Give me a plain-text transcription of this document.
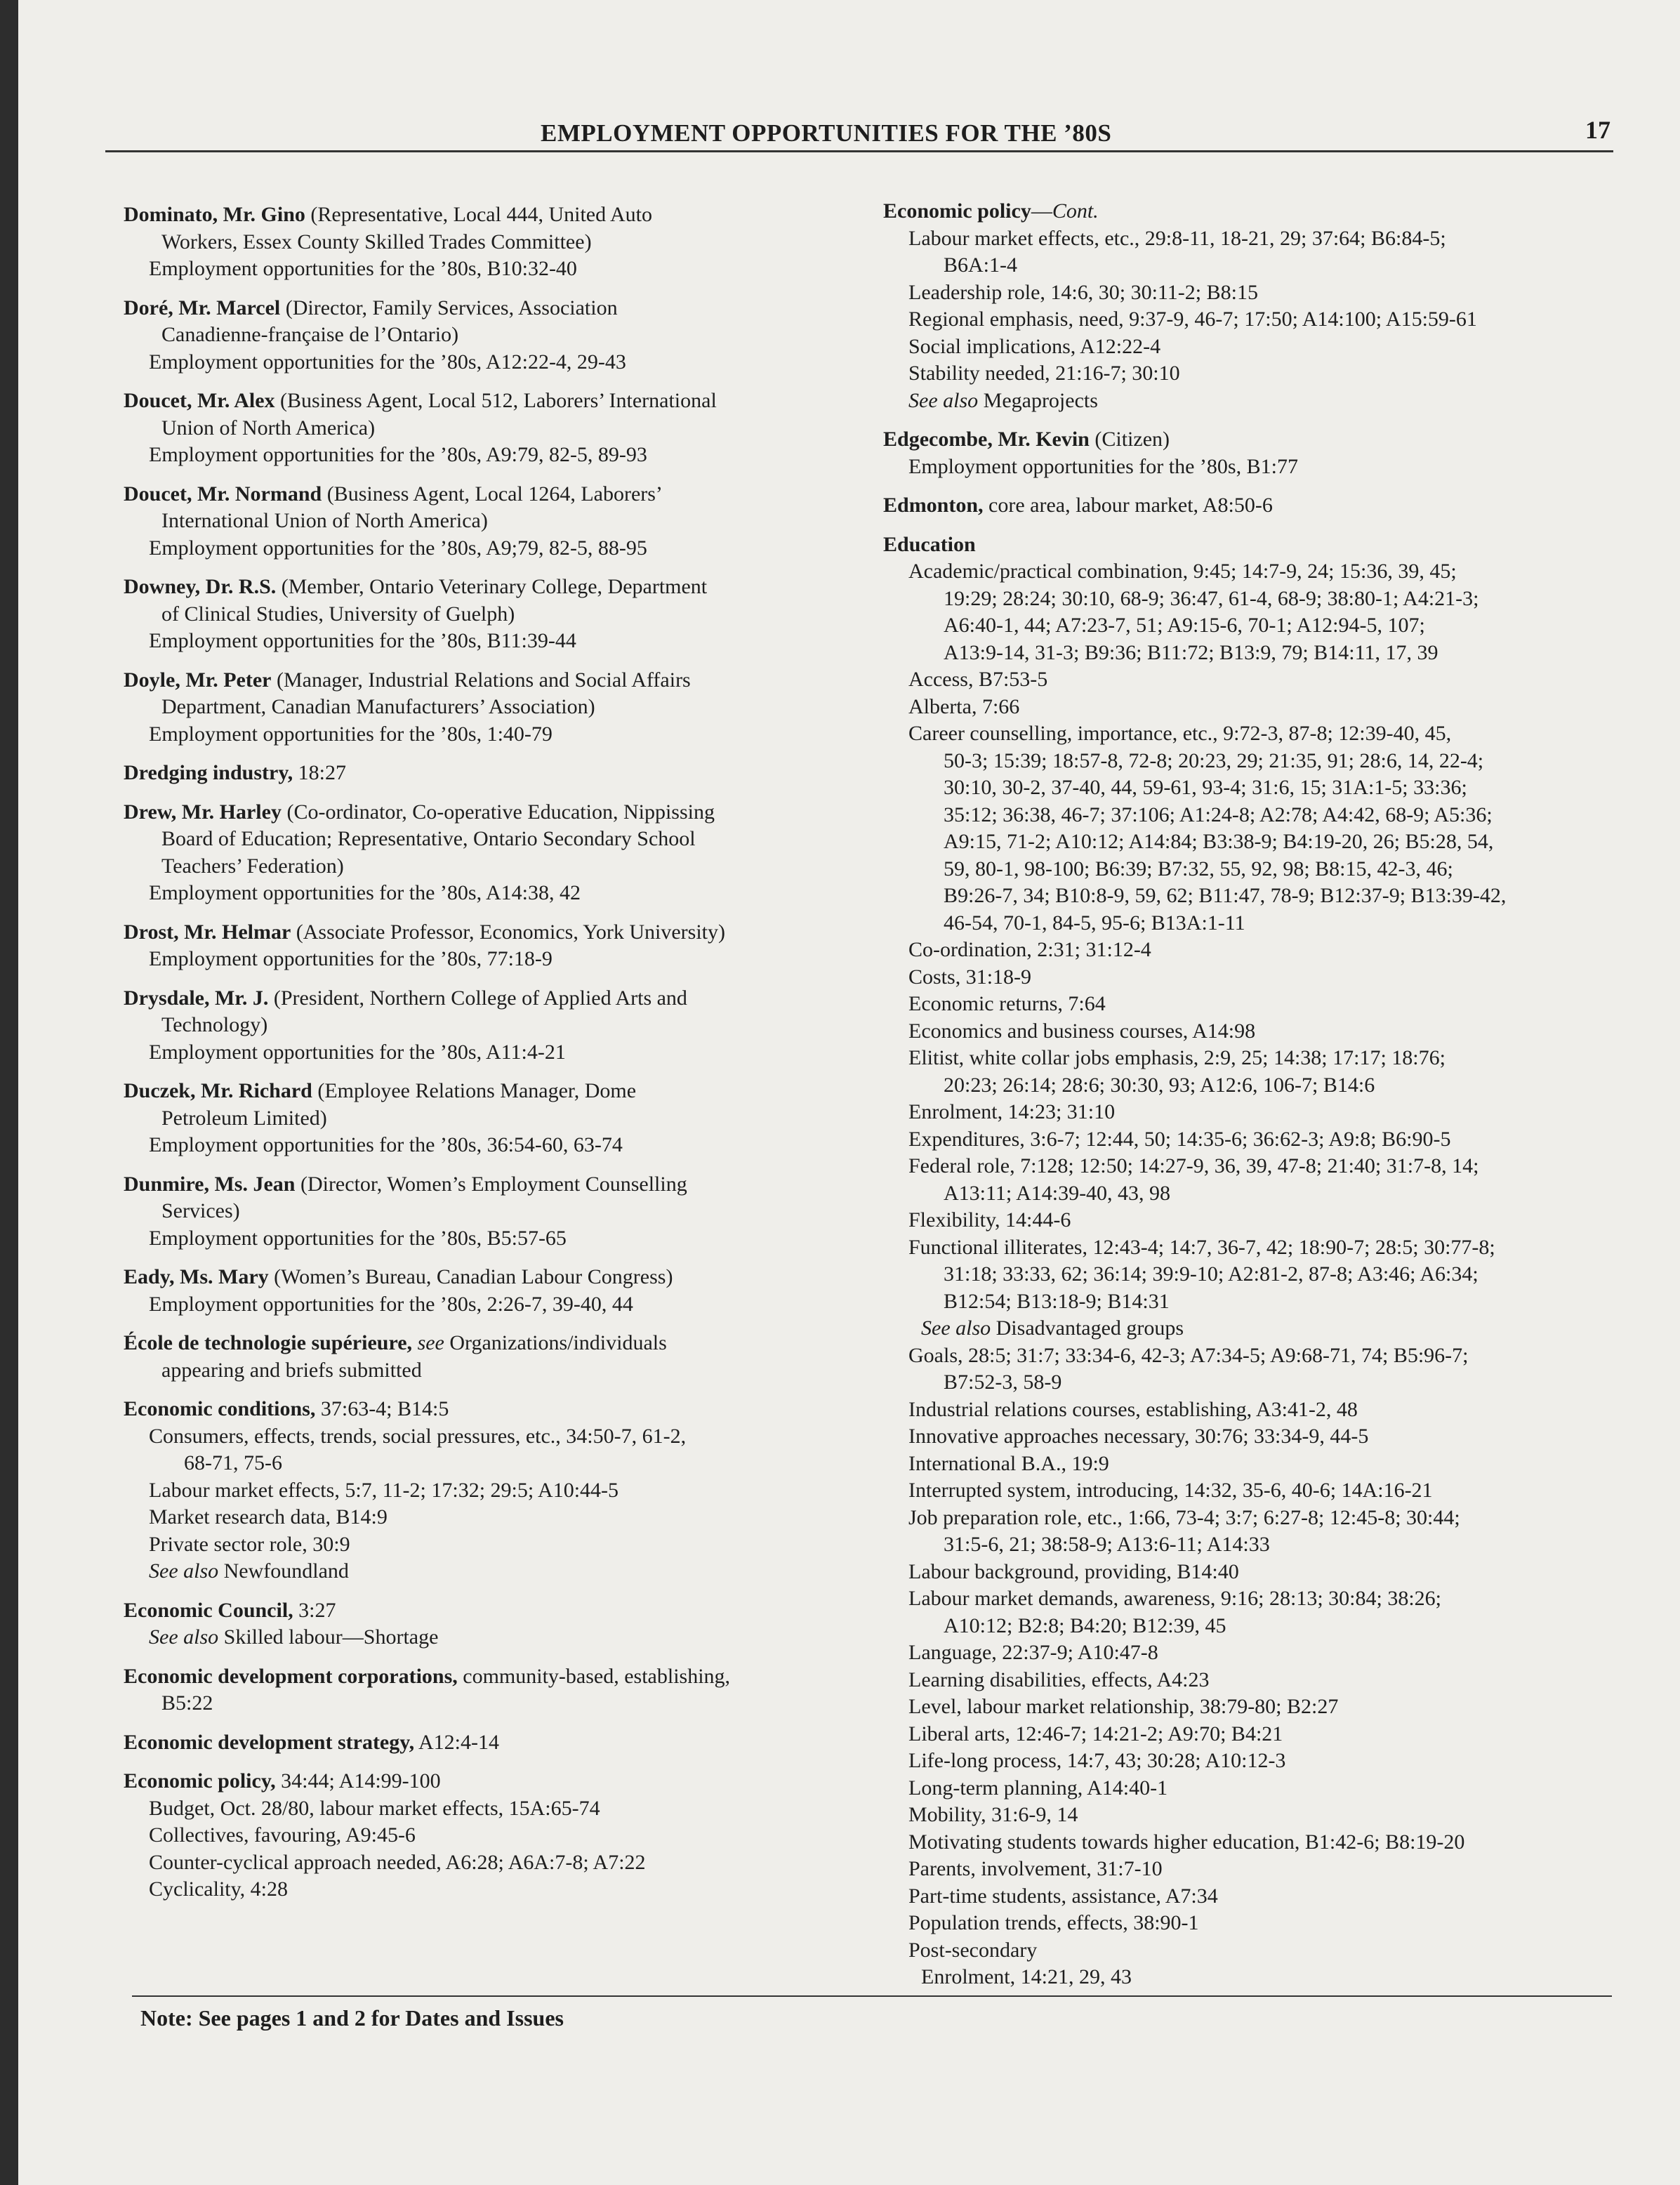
EMPLOYMENT OPPORTUNITIES FOR THE ’80S	17
Dominato, Mr. Gino (Representative, Local 444, United Auto
Workers, Essex County Skilled Trades Committee)
Employment opportunities for the ’80s, B10:32-40
Doré, Mr. Marcel (Director, Family Services, Association
Canadienne-française de l’Ontario)
Employment opportunities for the ’80s, A12:22-4, 29-43
Doucet, Mr. Alex (Business Agent, Local 512, Laborers’ International
Union of North America)
Employment opportunities for the ’80s, A9:79, 82-5, 89-93
Doucet, Mr. Normand (Business Agent, Local 1264, Laborers’
International Union of North America)
Employment opportunities for the ’80s, A9;79, 82-5, 88-95
Downey, Dr. R.S. (Member, Ontario Veterinary College, Department
of Clinical Studies, University of Guelph)
Employment opportunities for the ’80s, B11:39-44
Doyle, Mr. Peter (Manager, Industrial Relations and Social Affairs
Department, Canadian Manufacturers’ Association)
Employment opportunities for the ’80s, 1:40-79
Dredging industry, 18:27
Drew, Mr. Harley (Co-ordinator, Co-operative Education, Nippissing
Board of Education; Representative, Ontario Secondary School
Teachers’ Federation)
Employment opportunities for the ’80s, A14:38, 42
Drost, Mr. Helmar (Associate Professor, Economics, York University)
Employment opportunities for the ’80s, 77:18-9
Drysdale, Mr. J. (President, Northern College of Applied Arts and
Technology)
Employment opportunities for the ’80s, A11:4-21
Duczek, Mr. Richard (Employee Relations Manager, Dome
Petroleum Limited)
Employment opportunities for the ’80s, 36:54-60, 63-74
Dunmire, Ms. Jean (Director, Women’s Employment Counselling
Services)
Employment opportunities for the ’80s, B5:57-65
Eady, Ms. Mary (Women’s Bureau, Canadian Labour Congress)
Employment opportunities for the ’80s, 2:26-7, 39-40, 44
École de technologie supérieure, see Organizations/individuals
appearing and briefs submitted
Economic conditions, 37:63-4; B14:5
Consumers, effects, trends, social pressures, etc., 34:50-7, 61-2,
68-71, 75-6
Labour market effects, 5:7, 11-2; 17:32; 29:5; A10:44-5
Market research data, B14:9
Private sector role, 30:9
See also Newfoundland
Economic Council, 3:27
See also Skilled labour—Shortage
Economic development corporations, community-based, establishing,
B5:22
Economic development strategy, A12:4-14
Economic policy, 34:44; A14:99-100
Budget, Oct. 28/80, labour market effects, 15A:65-74
Collectives, favouring, A9:45-6
Counter-cyclical approach needed, A6:28; A6A:7-8; A7:22
Cyclicality, 4:28
Economic policy—Cont.
Labour market effects, etc., 29:8-11, 18-21, 29; 37:64; B6:84-5;
B6A:1-4
Leadership role, 14:6, 30; 30:11-2; B8:15
Regional emphasis, need, 9:37-9, 46-7; 17:50; A14:100; A15:59-61
Social implications, A12:22-4
Stability needed, 21:16-7; 30:10
See also Megaprojects
Edgecombe, Mr. Kevin (Citizen)
Employment opportunities for the ’80s, B1:77
Edmonton, core area, labour market, A8:50-6
Education
Academic/practical combination, 9:45; 14:7-9, 24; 15:36, 39, 45;
19:29; 28:24; 30:10, 68-9; 36:47, 61-4, 68-9; 38:80-1; A4:21-3;
A6:40-1, 44; A7:23-7, 51; A9:15-6, 70-1; A12:94-5, 107;
A13:9-14, 31-3; B9:36; B11:72; B13:9, 79; B14:11, 17, 39
Access, B7:53-5
Alberta, 7:66
Career counselling, importance, etc., 9:72-3, 87-8; 12:39-40, 45,
50-3; 15:39; 18:57-8, 72-8; 20:23, 29; 21:35, 91; 28:6, 14, 22-4;
30:10, 30-2, 37-40, 44, 59-61, 93-4; 31:6, 15; 31A:1-5; 33:36;
35:12; 36:38, 46-7; 37:106; A1:24-8; A2:78; A4:42, 68-9; A5:36;
A9:15, 71-2; A10:12; A14:84; B3:38-9; B4:19-20, 26; B5:28, 54,
59, 80-1, 98-100; B6:39; B7:32, 55, 92, 98; B8:15, 42-3, 46;
B9:26-7, 34; B10:8-9, 59, 62; B11:47, 78-9; B12:37-9; B13:39-42,
46-54, 70-1, 84-5, 95-6; B13A:1-11
Co-ordination, 2:31; 31:12-4
Costs, 31:18-9
Economic returns, 7:64
Economics and business courses, A14:98
Elitist, white collar jobs emphasis, 2:9, 25; 14:38; 17:17; 18:76;
20:23; 26:14; 28:6; 30:30, 93; A12:6, 106-7; B14:6
Enrolment, 14:23; 31:10
Expenditures, 3:6-7; 12:44, 50; 14:35-6; 36:62-3; A9:8; B6:90-5
Federal role, 7:128; 12:50; 14:27-9, 36, 39, 47-8; 21:40; 31:7-8, 14;
A13:11; A14:39-40, 43, 98
Flexibility, 14:44-6
Functional illiterates, 12:43-4; 14:7, 36-7, 42; 18:90-7; 28:5; 30:77-8;
31:18; 33:33, 62; 36:14; 39:9-10; A2:81-2, 87-8; A3:46; A6:34;
B12:54; B13:18-9; B14:31
See also Disadvantaged groups
Goals, 28:5; 31:7; 33:34-6, 42-3; A7:34-5; A9:68-71, 74; B5:96-7;
B7:52-3, 58-9
Industrial relations courses, establishing, A3:41-2, 48
Innovative approaches necessary, 30:76; 33:34-9, 44-5
International B.A., 19:9
Interrupted system, introducing, 14:32, 35-6, 40-6; 14A:16-21
Job preparation role, etc., 1:66, 73-4; 3:7; 6:27-8; 12:45-8; 30:44;
31:5-6, 21; 38:58-9; A13:6-11; A14:33
Labour background, providing, B14:40
Labour market demands, awareness, 9:16; 28:13; 30:84; 38:26;
A10:12; B2:8; B4:20; B12:39, 45
Language, 22:37-9; A10:47-8
Learning disabilities, effects, A4:23
Level, labour market relationship, 38:79-80; B2:27
Liberal arts, 12:46-7; 14:21-2; A9:70; B4:21
Life-long process, 14:7, 43; 30:28; A10:12-3
Long-term planning, A14:40-1
Mobility, 31:6-9, 14
Motivating students towards higher education, B1:42-6; B8:19-20
Parents, involvement, 31:7-10
Part-time students, assistance, A7:34
Population trends, effects, 38:90-1
Post-secondary
Enrolment, 14:21, 29, 43
Note: See pages 1 and 2 for Dates and Issues
